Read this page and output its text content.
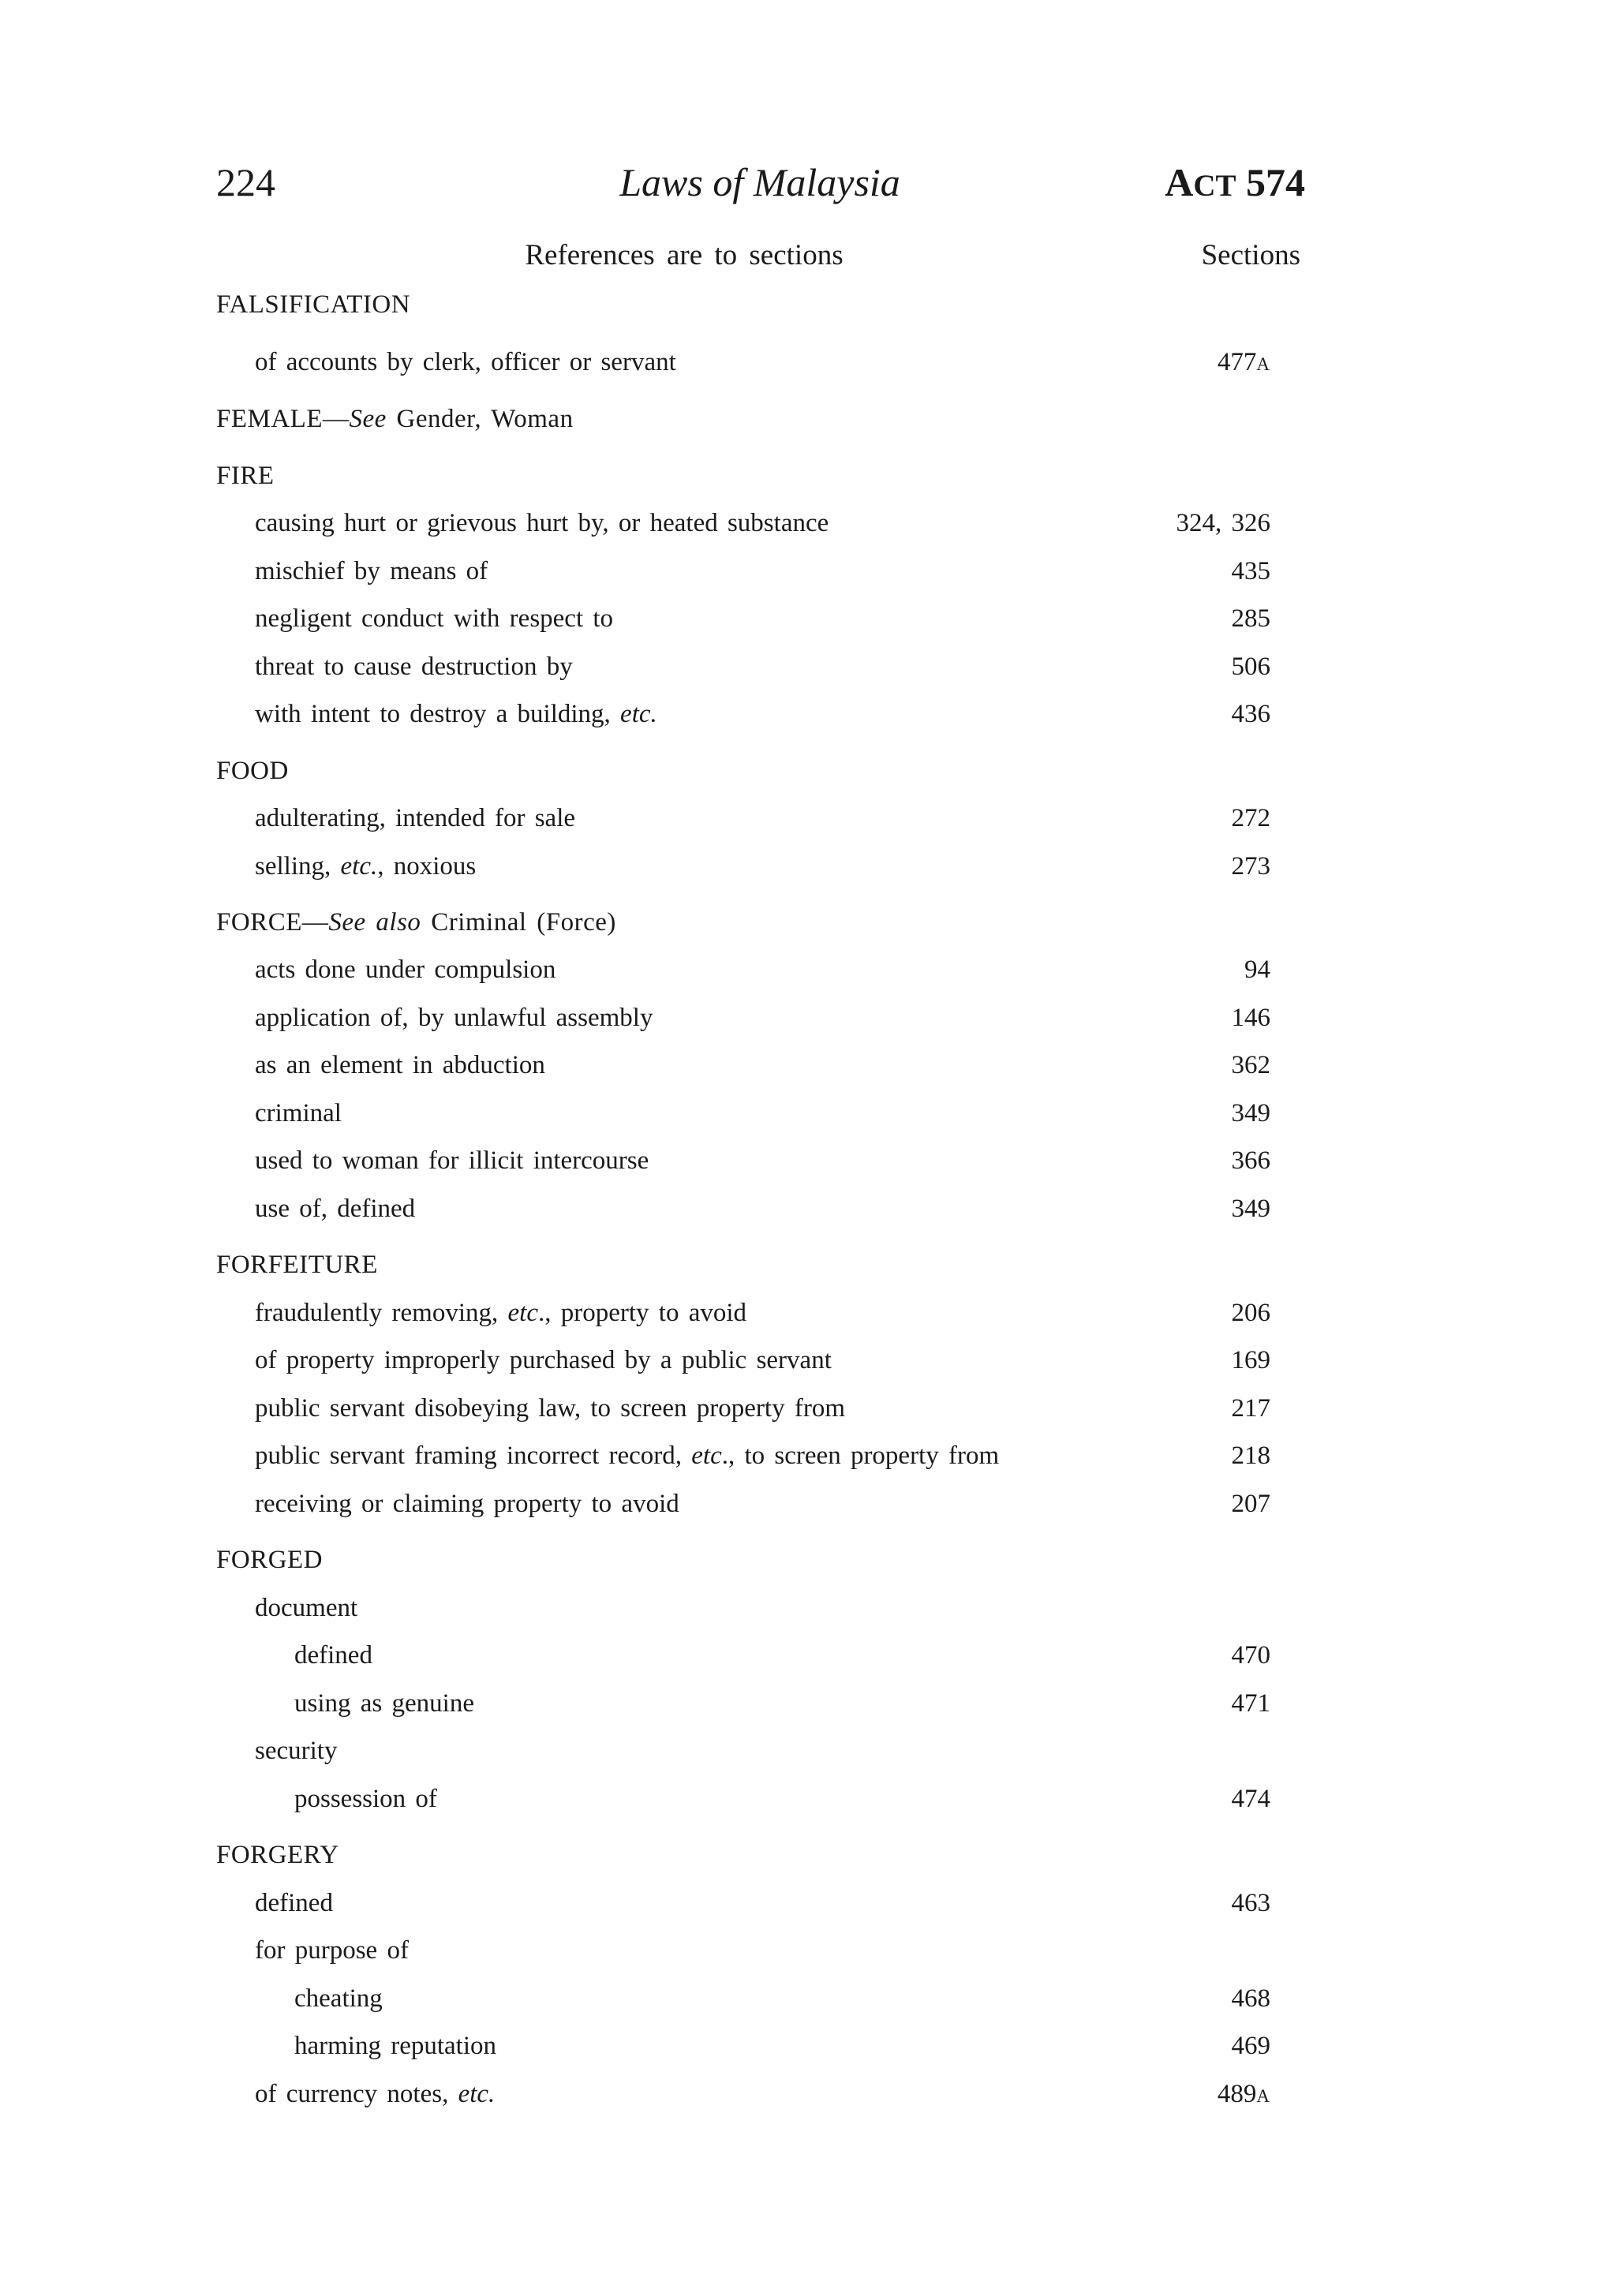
224	Laws of Malaysia	ACT 574
References are to sections	Sections
FALSIFICATION
of accounts by clerk, officer or servant	477A
FEMALE—See Gender, Woman
FIRE
causing hurt or grievous hurt by, or heated substance	324, 326
mischief by means of	435
negligent conduct with respect to	285
threat to cause destruction by	506
with intent to destroy a building, etc.	436
FOOD
adulterating, intended for sale	272
selling, etc., noxious	273
FORCE—See also Criminal (Force)
acts done under compulsion	94
application of, by unlawful assembly	146
as an element in abduction	362
criminal	349
used to woman for illicit intercourse	366
use of, defined	349
FORFEITURE
fraudulently removing, etc., property to avoid	206
of property improperly purchased by a public servant	169
public servant disobeying law, to screen property from	217
public servant framing incorrect record, etc., to screen property from	218
receiving or claiming property to avoid	207
FORGED
document
defined	470
using as genuine	471
security
possession of	474
FORGERY
defined	463
for purpose of
cheating	468
harming reputation	469
of currency notes, etc.	489A
